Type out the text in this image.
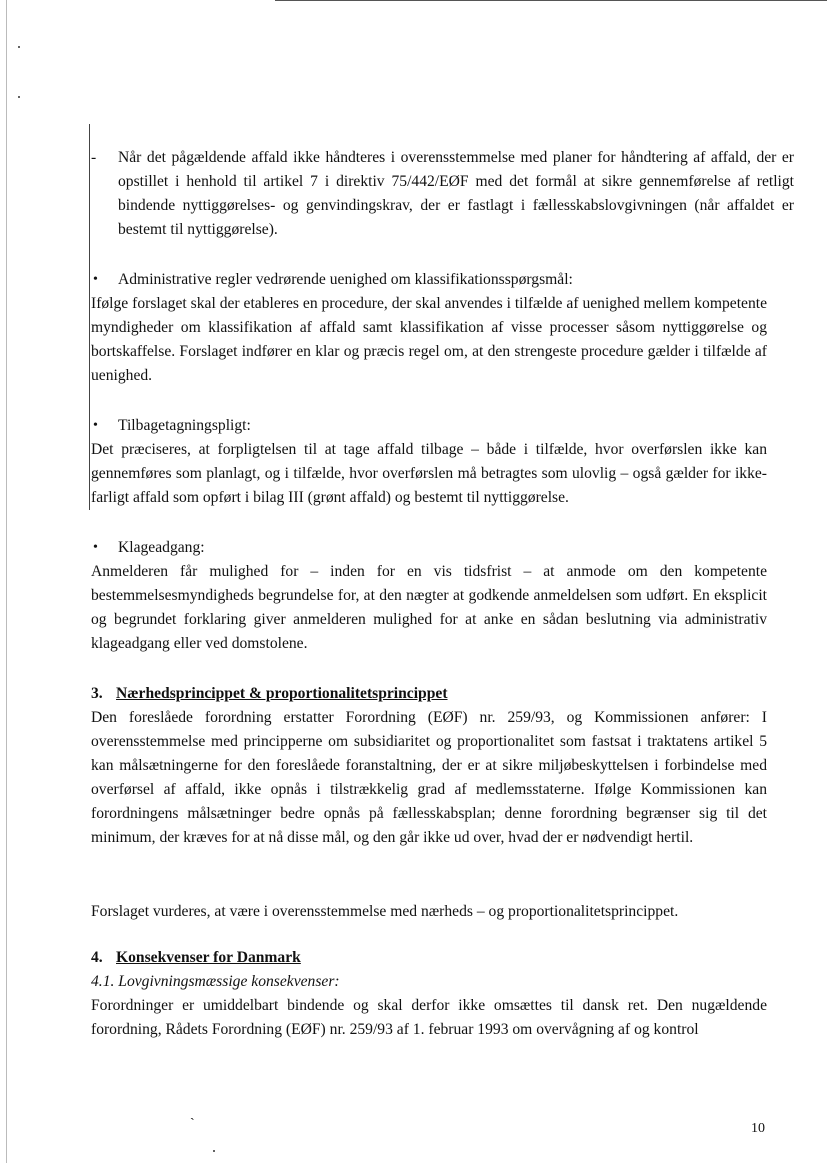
ˏ
- Når det pågældende affald ikke håndteres i overensstemmelse med planer for håndtering af affald, der er opstillet i henhold til artikel 7 i direktiv 75/442/EØF med det formål at sikre gennemførelse af retligt bindende nyttiggørelses- og genvindingskrav, der er fastlagt i fællesskabslovgivningen (når affaldet er bestemt til nyttiggørelse).
• Administrative regler vedrørende uenighed om klassifikationsspørgsmål:
Ifølge forslaget skal der etableres en procedure, der skal anvendes i tilfælde af uenighed mellem kompetente myndigheder om klassifikation af affald samt klassifikation af visse processer såsom nyttiggørelse og bortskaffelse. Forslaget indfører en klar og præcis regel om, at den strengeste procedure gælder i tilfælde af uenighed.
• Tilbagetagningspligt:
Det præciseres, at forpligtelsen til at tage affald tilbage – både i tilfælde, hvor overførslen ikke kan gennemføres som planlagt, og i tilfælde, hvor overførslen må betragtes som ulovlig – også gælder for ikke-farligt affald som opført i bilag III (grønt affald) og bestemt til nyttiggørelse.
• Klageadgang:
Anmelderen får mulighed for – inden for en vis tidsfrist – at anmode om den kompetente bestemmelsesmyndigheds begrundelse for, at den nægter at godkende anmeldelsen som udført. En eksplicit og begrundet forklaring giver anmelderen mulighed for at anke en sådan beslutning via administrativ klageadgang eller ved domstolene.
3. Nærhedsprincippet & proportionalitetsprincippet
Den foreslåede forordning erstatter Forordning (EØF) nr. 259/93, og Kommissionen anfører: I overensstemmelse med principperne om subsidiaritet og proportionalitet som fastsat i traktatens artikel 5 kan målsætningerne for den foreslåede foranstaltning, der er at sikre miljøbeskyttelsen i forbindelse med overførsel af affald, ikke opnås i tilstrækkelig grad af medlemsstaterne. Ifølge Kommissionen kan forordningens målsætninger bedre opnås på fællesskabsplan; denne forordning begrænser sig til det minimum, der kræves for at nå disse mål, og den går ikke ud over, hvad der er nødvendigt hertil.
Forslaget vurderes, at være i overensstemmelse med nærheds – og proportionalitetsprincippet.
4. Konsekvenser for Danmark
4.1. Lovgivningsmæssige konsekvenser:
Forordninger er umiddelbart bindende og skal derfor ikke omsættes til dansk ret. Den nugældende forordning, Rådets Forordning (EØF) nr. 259/93 af 1. februar 1993 om overvågning af og kontrol
10
